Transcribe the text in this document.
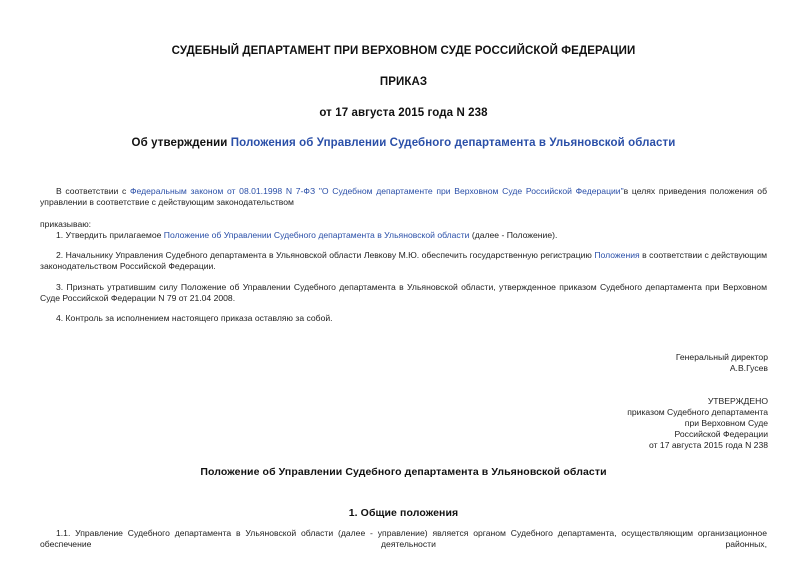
СУДЕБНЫЙ ДЕПАРТАМЕНТ ПРИ ВЕРХОВНОМ СУДЕ РОССИЙСКОЙ ФЕДЕРАЦИИ
ПРИКАЗ
от 17 августа 2015 года N 238
Об утверждении Положения об Управлении Судебного департамента в Ульяновской области
В соответствии с Федеральным законом от 08.01.1998 N 7-ФЗ "О Судебном департаменте при Верховном Суде Российской Федерации"в целях приведения положения об управлении в соответствие с действующим законодательством
приказываю:
1. Утвердить прилагаемое Положение об Управлении Судебного департамента в Ульяновской области (далее - Положение).
2. Начальнику Управления Судебного департамента в Ульяновской области Левкову М.Ю. обеспечить государственную регистрацию Положения в соответствии с действующим законодательством Российской Федерации.
3. Признать утратившим силу Положение об Управлении Судебного департамента в Ульяновской области, утвержденное приказом Судебного департамента при Верховном Суде Российской Федерации N 79 от 21.04 2008.
4. Контроль за исполнением настоящего приказа оставляю за собой.
Генеральный директор
А.В.Гусев
УТВЕРЖДЕНО
приказом Судебного департамента
при Верховном Суде
Российской Федерации
от 17 августа 2015 года N 238
Положение об Управлении Судебного департамента в Ульяновской области
1. Общие положения
1.1. Управление Судебного департамента в Ульяновской области (далее - управление) является органом Судебного департамента, осуществляющим организационное обеспечение деятельности районных,
